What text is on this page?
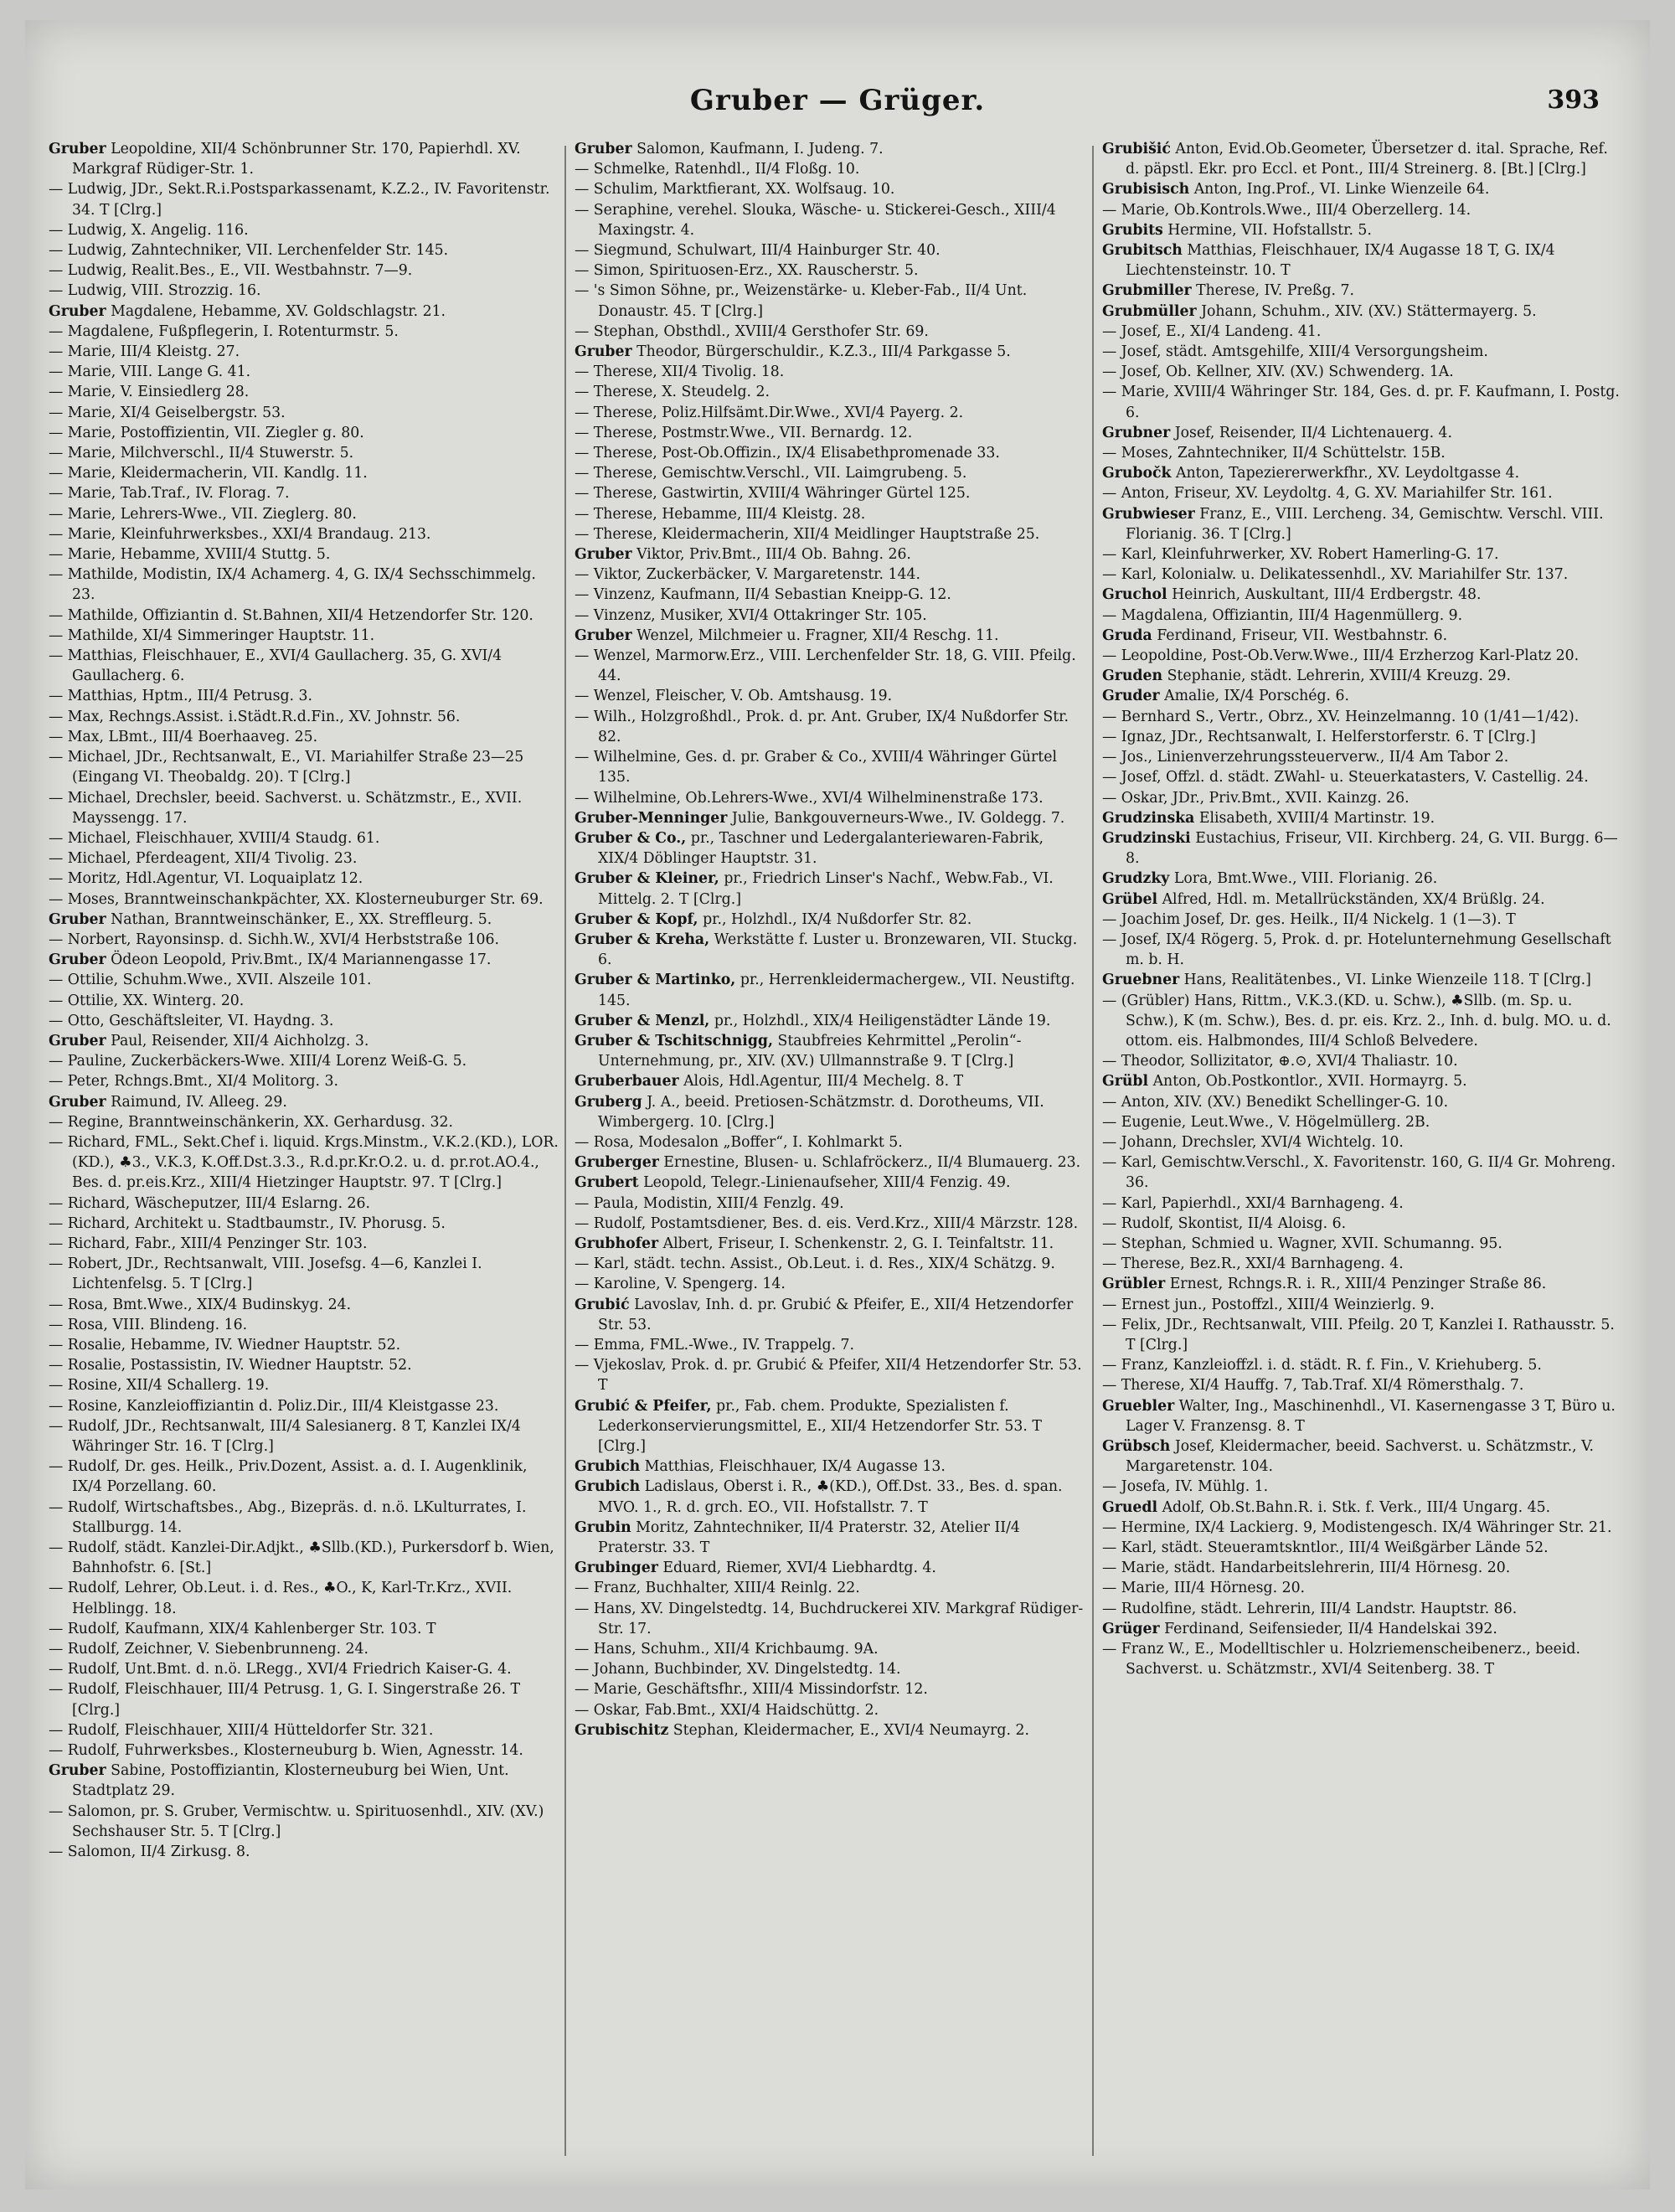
Gruber — Grüger.	393

Gruber Leopoldine, XII/4 Schönbrunner Str. 170, Papierhdl. XV. Markgraf Rüdiger-Str. 1.

— Ludwig, JDr., Sekt.R.i.Postsparkassenamt, K.Z.2., IV. Favoritenstr. 34. T [Clrg.]

— Ludwig, X. Angelig. 116.

— Ludwig, Zahntechniker, VII. Lerchenfelder Str. 145.

— Ludwig, Realit.Bes., E., VII. Westbahnstr. 7—9.

— Ludwig, VIII. Strozzig. 16.

Gruber Magdalene, Hebamme, XV. Goldschlagstr. 21.

— Magdalene, Fußpflegerin, I. Rotenturmstr. 5.

— Marie, III/4 Kleistg. 27.

— Marie, VIII. Lange G. 41.

— Marie, V. Einsiedlerg 28.

— Marie, XI/4 Geiselbergstr. 53.

— Marie, Postoffizientin, VII. Ziegler g. 80.

— Marie, Milchverschl., II/4 Stuwerstr. 5.

— Marie, Kleidermacherin, VII. Kandlg. 11.

— Marie, Tab.Traf., IV. Florag. 7.

— Marie, Lehrers-Wwe., VII. Zieglerg. 80.

— Marie, Kleinfuhrwerksbes., XXI/4 Brandaug. 213.

— Marie, Hebamme, XVIII/4 Stuttg. 5.

— Mathilde, Modistin, IX/4 Achamerg. 4, G. IX/4 Sechsschimmelg. 23.

— Mathilde, Offiziantin d. St.Bahnen, XII/4 Hetzendorfer Str. 120.

— Mathilde, XI/4 Simmeringer Hauptstr. 11.

— Matthias, Fleischhauer, E., XVI/4 Gaullacherg. 35, G. XVI/4 Gaullacherg. 6.

— Matthias, Hptm., III/4 Petrusg. 3.

— Max, Rechngs.Assist. i.Städt.R.d.Fin., XV. Johnstr. 56.

— Max, LBmt., III/4 Boerhaaveg. 25.

— Michael, JDr., Rechtsanwalt, E., VI. Mariahilfer Straße 23—25 (Eingang VI. Theobaldg. 20). T [Clrg.]

— Michael, Drechsler, beeid. Sachverst. u. Schätzmstr., E., XVII. Mayssengg. 17.

— Michael, Fleischhauer, XVIII/4 Staudg. 61.

— Michael, Pferdeagent, XII/4 Tivolig. 23.

— Moritz, Hdl.Agentur, VI. Loquaiplatz 12.

— Moses, Branntweinschankpächter, XX. Klosterneuburger Str. 69.

Gruber Nathan, Branntweinschänker, E., XX. Streffleurg. 5.

— Norbert, Rayonsinsp. d. Sichh.W., XVI/4 Herbststraße 106.

Gruber Ödeon Leopold, Priv.Bmt., IX/4 Mariannengasse 17.

— Ottilie, Schuhm.Wwe., XVII. Alszeile 101.

— Ottilie, XX. Winterg. 20.

— Otto, Geschäftsleiter, VI. Haydng. 3.

Gruber Paul, Reisender, XII/4 Aichholzg. 3.

— Pauline, Zuckerbäckers-Wwe. XIII/4 Lorenz Weiß-G. 5.

— Peter, Rchngs.Bmt., XI/4 Molitorg. 3.

Gruber Raimund, IV. Alleeg. 29.

— Regine, Branntweinschänkerin, XX. Gerhardusg. 32.

— Richard, FML., Sekt.Chef i. liquid. Krgs.Minstm., V.K.2.(KD.), LOR.(KD.), ♣3., V.K.3, K.Off.Dst.3.3., R.d.pr.Kr.O.2. u. d. pr.rot.AO.4., Bes. d. pr.eis.Krz., XIII/4 Hietzinger Hauptstr. 97. T [Clrg.]

— Richard, Wäscheputzer, III/4 Eslarng. 26.

— Richard, Architekt u. Stadtbaumstr., IV. Phorusg. 5.

— Richard, Fabr., XIII/4 Penzinger Str. 103.

— Robert, JDr., Rechtsanwalt, VIII. Josefsg. 4—6, Kanzlei I. Lichtenfelsg. 5. T [Clrg.]

— Rosa, Bmt.Wwe., XIX/4 Budinskyg. 24.

— Rosa, VIII. Blindeng. 16.

— Rosalie, Hebamme, IV. Wiedner Hauptstr. 52.

— Rosalie, Postassistin, IV. Wiedner Hauptstr. 52.

— Rosine, XII/4 Schallerg. 19.

— Rosine, Kanzleioffiziantin d. Poliz.Dir., III/4 Kleistgasse 23.

— Rudolf, JDr., Rechtsanwalt, III/4 Salesianerg. 8 T, Kanzlei IX/4 Währinger Str. 16. T [Clrg.]

— Rudolf, Dr. ges. Heilk., Priv.Dozent, Assist. a. d. I. Augenklinik, IX/4 Porzellang. 60.

— Rudolf, Wirtschaftsbes., Abg., Bizepräs. d. n.ö. LKulturrates, I. Stallburgg. 14.

— Rudolf, städt. Kanzlei-Dir.Adjkt., ♣Sllb.(KD.), Purkersdorf b. Wien, Bahnhofstr. 6. [St.]

— Rudolf, Lehrer, Ob.Leut. i. d. Res., ♣O., K, Karl-Tr.Krz., XVII. Helblingg. 18.

— Rudolf, Kaufmann, XIX/4 Kahlenberger Str. 103. T

— Rudolf, Zeichner, V. Siebenbrunneng. 24.

— Rudolf, Unt.Bmt. d. n.ö. LRegg., XVI/4 Friedrich Kaiser-G. 4.

— Rudolf, Fleischhauer, III/4 Petrusg. 1, G. I. Singerstraße 26. T [Clrg.]

— Rudolf, Fleischhauer, XIII/4 Hütteldorfer Str. 321.

— Rudolf, Fuhrwerksbes., Klosterneuburg b. Wien, Agnesstr. 14.

Gruber Sabine, Postoffiziantin, Klosterneuburg bei Wien, Unt. Stadtplatz 29.

— Salomon, pr. S. Gruber, Vermischtw. u. Spirituosenhdl., XIV. (XV.) Sechshauser Str. 5. T [Clrg.]

— Salomon, II/4 Zirkusg. 8.

Gruber Salomon, Kaufmann, I. Judeng. 7.

— Schmelke, Ratenhdl., II/4 Floßg. 10.

— Schulim, Marktfierant, XX. Wolfsaug. 10.

— Seraphine, verehel. Slouka, Wäsche- u. Stickerei-Gesch., XIII/4 Maxingstr. 4.

— Siegmund, Schulwart, III/4 Hainburger Str. 40.

— Simon, Spirituosen-Erz., XX. Rauscherstr. 5.

— 's Simon Söhne, pr., Weizenstärke- u. Kleber-Fab., II/4 Unt. Donaustr. 45. T [Clrg.]

— Stephan, Obsthdl., XVIII/4 Gersthofer Str. 69.

Gruber Theodor, Bürgerschuldir., K.Z.3., III/4 Parkgasse 5.

— Therese, XII/4 Tivolig. 18.

— Therese, X. Steudelg. 2.

— Therese, Poliz.Hilfsämt.Dir.Wwe., XVI/4 Payerg. 2.

— Therese, Postmstr.Wwe., VII. Bernardg. 12.

— Therese, Post-Ob.Offizin., IX/4 Elisabethpromenade 33.

— Therese, Gemischtw.Verschl., VII. Laimgrubeng. 5.

— Therese, Gastwirtin, XVIII/4 Währinger Gürtel 125.

— Therese, Hebamme, III/4 Kleistg. 28.

— Therese, Kleidermacherin, XII/4 Meidlinger Hauptstraße 25.

Gruber Viktor, Priv.Bmt., III/4 Ob. Bahng. 26.

— Viktor, Zuckerbäcker, V. Margaretenstr. 144.

— Vinzenz, Kaufmann, II/4 Sebastian Kneipp-G. 12.

— Vinzenz, Musiker, XVI/4 Ottakringer Str. 105.

Gruber Wenzel, Milchmeier u. Fragner, XII/4 Reschg. 11.

— Wenzel, Marmorw.Erz., VIII. Lerchenfelder Str. 18, G. VIII. Pfeilg. 44.

— Wenzel, Fleischer, V. Ob. Amtshausg. 19.

— Wilh., Holzgroßhdl., Prok. d. pr. Ant. Gruber, IX/4 Nußdorfer Str. 82.

— Wilhelmine, Ges. d. pr. Graber & Co., XVIII/4 Währinger Gürtel 135.

— Wilhelmine, Ob.Lehrers-Wwe., XVI/4 Wilhelminenstraße 173.

Gruber-Menninger Julie, Bankgouverneurs-Wwe., IV. Goldegg. 7.

Gruber & Co., pr., Taschner und Ledergalanteriewaren-Fabrik, XIX/4 Döblinger Hauptstr. 31.

Gruber & Kleiner, pr., Friedrich Linser's Nachf., Webw.Fab., VI. Mittelg. 2. T [Clrg.]

Gruber & Kopf, pr., Holzhdl., IX/4 Nußdorfer Str. 82.

Gruber & Kreha, Werkstätte f. Luster u. Bronzewaren, VII. Stuckg. 6.

Gruber & Martinko, pr., Herrenkleidermachergew., VII. Neustiftg. 145.

Gruber & Menzl, pr., Holzhdl., XIX/4 Heiligenstädter Lände 19.

Gruber & Tschitschnigg, Staubfreies Kehrmittel „Perolin“-Unternehmung, pr., XIV. (XV.) Ullmannstraße 9. T [Clrg.]

Gruberbauer Alois, Hdl.Agentur, III/4 Mechelg. 8. T

Gruberg J. A., beeid. Pretiosen-Schätzmstr. d. Dorotheums, VII. Wimbergerg. 10. [Clrg.]

— Rosa, Modesalon „Boffer“, I. Kohlmarkt 5.

Gruberger Ernestine, Blusen- u. Schlafröckerz., II/4 Blumauerg. 23.

Grubert Leopold, Telegr.-Linienaufseher, XIII/4 Fenzig. 49.

— Paula, Modistin, XIII/4 Fenzlg. 49.

— Rudolf, Postamtsdiener, Bes. d. eis. Verd.Krz., XIII/4 Märzstr. 128.

Grubhofer Albert, Friseur, I. Schenkenstr. 2, G. I. Teinfaltstr. 11.

— Karl, städt. techn. Assist., Ob.Leut. i. d. Res., XIX/4 Schätzg. 9.

— Karoline, V. Spengerg. 14.

Grubić Lavoslav, Inh. d. pr. Grubić & Pfeifer, E., XII/4 Hetzendorfer Str. 53.

— Emma, FML.-Wwe., IV. Trappelg. 7.

— Vjekoslav, Prok. d. pr. Grubić & Pfeifer, XII/4 Hetzendorfer Str. 53. T

Grubić & Pfeifer, pr., Fab. chem. Produkte, Spezialisten f. Lederkonservierungsmittel, E., XII/4 Hetzendorfer Str. 53. T [Clrg.]

Grubich Matthias, Fleischhauer, IX/4 Augasse 13.

Grubich Ladislaus, Oberst i. R., ♣(KD.), Off.Dst. 33., Bes. d. span. MVO. 1., R. d. grch. EO., VII. Hofstallstr. 7. T

Grubin Moritz, Zahntechniker, II/4 Praterstr. 32, Atelier II/4 Praterstr. 33. T

Grubinger Eduard, Riemer, XVI/4 Liebhardtg. 4.

— Franz, Buchhalter, XIII/4 Reinlg. 22.

— Hans, XV. Dingelstedtg. 14, Buchdruckerei XIV. Markgraf Rüdiger-Str. 17.

— Hans, Schuhm., XII/4 Krichbaumg. 9A.

— Johann, Buchbinder, XV. Dingelstedtg. 14.

— Marie, Geschäftsfhr., XIII/4 Missindorfstr. 12.

— Oskar, Fab.Bmt., XXI/4 Haidschüttg. 2.

Grubischitz Stephan, Kleidermacher, E., XVI/4 Neumayrg. 2.

Grubišić Anton, Evid.Ob.Geometer, Übersetzer d. ital. Sprache, Ref. d. päpstl. Ekr. pro Eccl. et Pont., III/4 Streinerg. 8. [Bt.] [Clrg.]

Grubisisch Anton, Ing.Prof., VI. Linke Wienzeile 64.

— Marie, Ob.Kontrols.Wwe., III/4 Oberzellerg. 14.

Grubits Hermine, VII. Hofstallstr. 5.

Grubitsch Matthias, Fleischhauer, IX/4 Augasse 18 T, G. IX/4 Liechtensteinstr. 10. T

Grubmiller Therese, IV. Preßg. 7.

Grubmüller Johann, Schuhm., XIV. (XV.) Stättermayerg. 5.

— Josef, E., XI/4 Landeng. 41.

— Josef, städt. Amtsgehilfe, XIII/4 Versorgungsheim.

— Josef, Ob. Kellner, XIV. (XV.) Schwenderg. 1A.

— Marie, XVIII/4 Währinger Str. 184, Ges. d. pr. F. Kaufmann, I. Postg. 6.

Grubner Josef, Reisender, II/4 Lichtenauerg. 4.

— Moses, Zahntechniker, II/4 Schüttelstr. 15B.

Grubočk Anton, Tapeziererwerkfhr., XV. Leydoltgasse 4.

— Anton, Friseur, XV. Leydoltg. 4, G. XV. Mariahilfer Str. 161.

Grubwieser Franz, E., VIII. Lercheng. 34, Gemischtw. Verschl. VIII. Florianig. 36. T [Clrg.]

— Karl, Kleinfuhrwerker, XV. Robert Hamerling-G. 17.

— Karl, Kolonialw. u. Delikatessenhdl., XV. Mariahilfer Str. 137.

Gruchol Heinrich, Auskultant, III/4 Erdbergstr. 48.

— Magdalena, Offiziantin, III/4 Hagenmüllerg. 9.

Gruda Ferdinand, Friseur, VII. Westbahnstr. 6.

— Leopoldine, Post-Ob.Verw.Wwe., III/4 Erzherzog Karl-Platz 20.

Gruden Stephanie, städt. Lehrerin, XVIII/4 Kreuzg. 29.

Gruder Amalie, IX/4 Porschég. 6.

— Bernhard S., Vertr., Obrz., XV. Heinzelmanng. 10 (1/41—1/42).

— Ignaz, JDr., Rechtsanwalt, I. Helferstorferstr. 6. T [Clrg.]

— Jos., Linienverzehrungssteuerverw., II/4 Am Tabor 2.

— Josef, Offzl. d. städt. ZWahl- u. Steuerkatasters, V. Castellig. 24.

— Oskar, JDr., Priv.Bmt., XVII. Kainzg. 26.

Grudzinska Elisabeth, XVIII/4 Martinstr. 19.

Grudzinski Eustachius, Friseur, VII. Kirchberg. 24, G. VII. Burgg. 6—8.

Grudzky Lora, Bmt.Wwe., VIII. Florianig. 26.

Grübel Alfred, Hdl. m. Metallrückständen, XX/4 Brüßlg. 24.

— Joachim Josef, Dr. ges. Heilk., II/4 Nickelg. 1 (1—3). T

— Josef, IX/4 Rögerg. 5, Prok. d. pr. Hotelunternehmung Gesellschaft m. b. H.

Gruebner Hans, Realitätenbes., VI. Linke Wienzeile 118. T [Clrg.]

— (Grübler) Hans, Rittm., V.K.3.(KD. u. Schw.), ♣Sllb. (m. Sp. u. Schw.), K (m. Schw.), Bes. d. pr. eis. Krz. 2., Inh. d. bulg. MO. u. d. ottom. eis. Halbmondes, III/4 Schloß Belvedere.

— Theodor, Sollizitator, ⊕.⊙, XVI/4 Thaliastr. 10.

Grübl Anton, Ob.Postkontlor., XVII. Hormayrg. 5.

— Anton, XIV. (XV.) Benedikt Schellinger-G. 10.

— Eugenie, Leut.Wwe., V. Högelmüllerg. 2B.

— Johann, Drechsler, XVI/4 Wichtelg. 10.

— Karl, Gemischtw.Verschl., X. Favoritenstr. 160, G. II/4 Gr. Mohreng. 36.

— Karl, Papierhdl., XXI/4 Barnhageng. 4.

— Rudolf, Skontist, II/4 Aloisg. 6.

— Stephan, Schmied u. Wagner, XVII. Schumanng. 95.

— Therese, Bez.R., XXI/4 Barnhageng. 4.

Grübler Ernest, Rchngs.R. i. R., XIII/4 Penzinger Straße 86.

— Ernest jun., Postoffzl., XIII/4 Weinzierlg. 9.

— Felix, JDr., Rechtsanwalt, VIII. Pfeilg. 20 T, Kanzlei I. Rathausstr. 5. T [Clrg.]

— Franz, Kanzleioffzl. i. d. städt. R. f. Fin., V. Kriehuberg. 5.

— Therese, XI/4 Hauffg. 7, Tab.Traf. XI/4 Römersthalg. 7.

Gruebler Walter, Ing., Maschinenhdl., VI. Kasernengasse 3 T, Büro u. Lager V. Franzensg. 8. T

Grübsch Josef, Kleidermacher, beeid. Sachverst. u. Schätzmstr., V. Margaretenstr. 104.

— Josefa, IV. Mühlg. 1.

Gruedl Adolf, Ob.St.Bahn.R. i. Stk. f. Verk., III/4 Ungarg. 45.

— Hermine, IX/4 Lackierg. 9, Modistengesch. IX/4 Währinger Str. 21.

— Karl, städt. Steueramtskntlor., III/4 Weißgärber Lände 52.

— Marie, städt. Handarbeitslehrerin, III/4 Hörnesg. 20.

— Marie, III/4 Hörnesg. 20.

— Rudolfine, städt. Lehrerin, III/4 Landstr. Hauptstr. 86.

Grüger Ferdinand, Seifensieder, II/4 Handelskai 392.

— Franz W., E., Modelltischler u. Holzriemenscheibenerz., beeid. Sachverst. u. Schätzmstr., XVI/4 Seitenberg. 38. T
